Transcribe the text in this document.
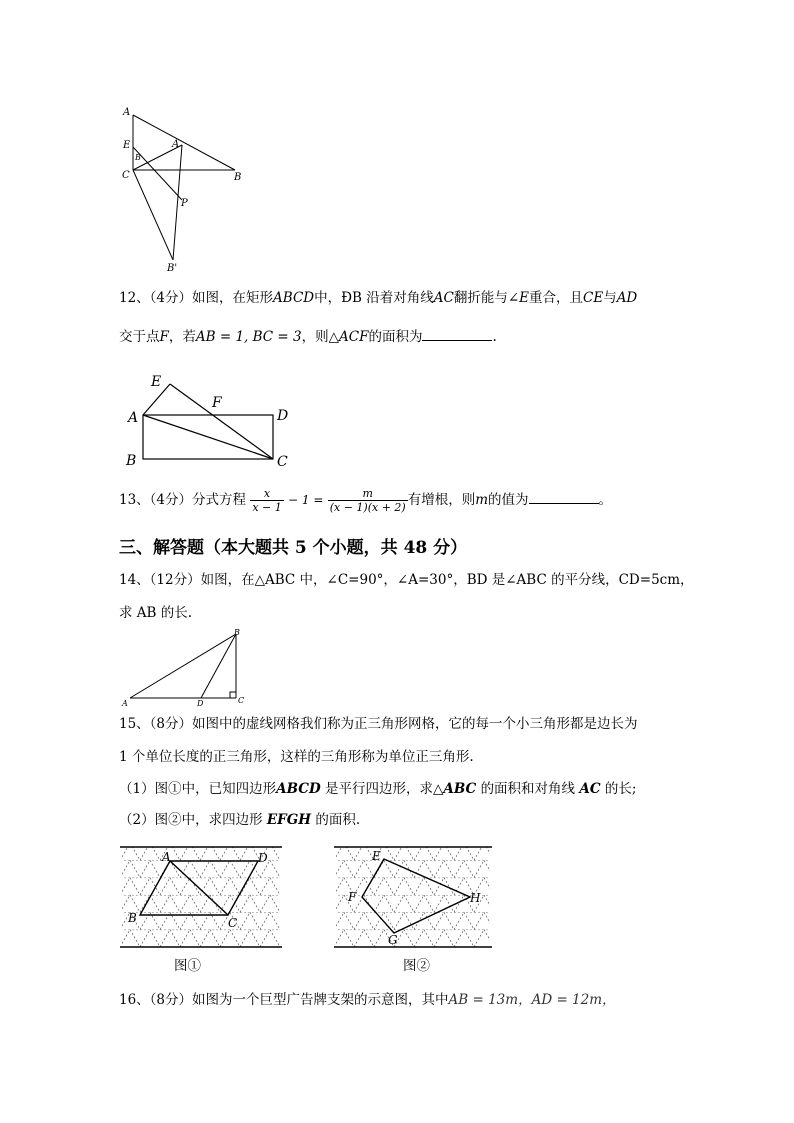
A
E
B
A
C	B
P
B'
12、（4分）如图，在矩形ABCD中，ÐB 沿着对角线AC翻折能与∠E重合，且CE与AD
交于点F，若AB = 1, BC = 3，则△ACF的面积为	.
E
F
A	D
B	C
13、（4分）分式方程 $\frac{x}{x - 1} - 1 = \frac{m}{(x - 1)(x + 2)}$ 有增根，则m的值为	。
三、解答题（本大题共 5 个小题，共 48 分）
14、（12分）如图，在△ABC 中，∠C=90°，∠A=30°，BD 是∠ABC 的平分线，CD=5cm，
求 AB 的长.
A
B
C
D
15、（8分）如图中的虚线网格我们称为正三角形网格，它的每一个小三角形都是边长为
1 个单位长度的正三角形，这样的三角形称为单位正三角形.
（1）图①中，已知四边形ABCD 是平行四边形，求△ABC 的面积和对角线 AC 的长;
（2）图②中，求四边形 EFGH 的面积.
A	D
B	C
图①
E
F	H
G
图②
16、（8分）如图为一个巨型广告牌支架的示意图，其中AB = 13m，AD = 12m，
